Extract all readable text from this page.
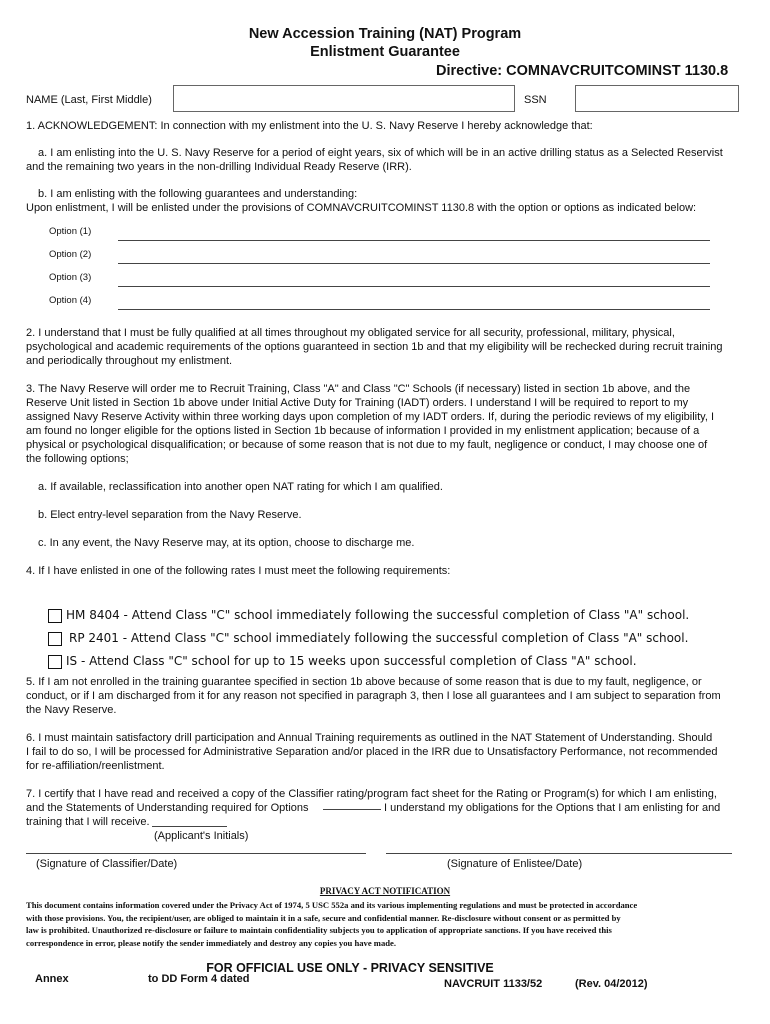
New Accession Training (NAT) Program
Enlistment Guarantee
Directive: COMNAVCRUITCOMINST 1130.8
NAME (Last, First Middle)	SSN
1. ACKNOWLEDGEMENT: In connection with my enlistment into the U. S. Navy Reserve I hereby acknowledge that:
a. I am enlisting into the U. S. Navy Reserve for a period of eight years, six of which will be in an active drilling status as a Selected Reservist
and the remaining two years in the non-drilling Individual Ready Reserve (IRR).
b. I am enlisting with the following guarantees and understanding:
Upon enlistment, I will be enlisted under the provisions of COMNAVCRUITCOMINST 1130.8 with the option or options as indicated below:
Option (1)
Option (2)
Option (3)
Option (4)
2. I understand that I must be fully qualified at all times throughout my obligated service for all security, professional, military, physical,
psychological and academic requirements of the options guaranteed in section 1b and that my eligibility will be rechecked during recruit training
and periodically throughout my enlistment.
3. The Navy Reserve will order me to Recruit Training, Class "A" and Class "C" Schools (if necessary) listed in section 1b above, and the
Reserve Unit listed in Section 1b above under Initial Active Duty for Training (IADT) orders. I understand I will be required to report to my
assigned Navy Reserve Activity within three working days upon completion of my IADT orders. If, during the periodic reviews of my eligibility, I
am found no longer eligible for the options listed in Section 1b because of information I provided in my enlistment application; because of a
physical or psychological disqualification; or because of some reason that is not due to my fault, negligence or conduct, I may choose one of
the following options;
a. If available, reclassification into another open NAT rating for which I am qualified.
b. Elect entry-level separation from the Navy Reserve.
c. In any event, the Navy Reserve may, at its option, choose to discharge me.
4. If I have enlisted in one of the following rates I must meet the following requirements:
HM 8404 - Attend Class "C" school immediately following the successful completion of Class "A" school.
RP 2401 - Attend Class "C" school immediately following the successful completion of Class "A" school.
IS - Attend Class "C" school for up to 15 weeks upon successful completion of Class "A" school.
5. If I am not enrolled in the training guarantee specified in section 1b above because of some reason that is due to my fault, negligence, or
conduct, or if I am discharged from it for any reason not specified in paragraph 3, then I lose all guarantees and I am subject to separation from
the Navy Reserve.
6. I must maintain satisfactory drill participation and Annual Training requirements as outlined in the NAT Statement of Understanding. Should
I fail to do so, I will be processed for Administrative Separation and/or placed in the IRR due to Unsatisfactory Performance, not recommended
for re-affiliation/reenlistment.
7. I certify that I have read and received a copy of the Classifier rating/program fact sheet for the Rating or Program(s) for which I am enlisting,
and the Statements of Understanding required for Options	I understand my obligations for the Options that I am enlisting for and
training that I will receive.
(Applicant's Initials)
(Signature of Classifier/Date)	(Signature of Enlistee/Date)
PRIVACY ACT NOTIFICATION
This document contains information covered under the Privacy Act of 1974, 5 USC 552a and its various implementing regulations and must be protected in accordance
with those provisions. You, the recipient/user, are obliged to maintain it in a safe, secure and confidential manner. Re-disclosure without consent or as permitted by
law is prohibited. Unauthorized re-disclosure or failure to maintain confidentiality subjects you to application of appropriate sanctions. If you have received this
correspondence in error, please notify the sender immediately and destroy any copies you have made.
FOR OFFICIAL USE ONLY - PRIVACY SENSITIVE
Annex	to DD Form 4 dated	NAVCRUIT 1133/52	(Rev. 04/2012)
